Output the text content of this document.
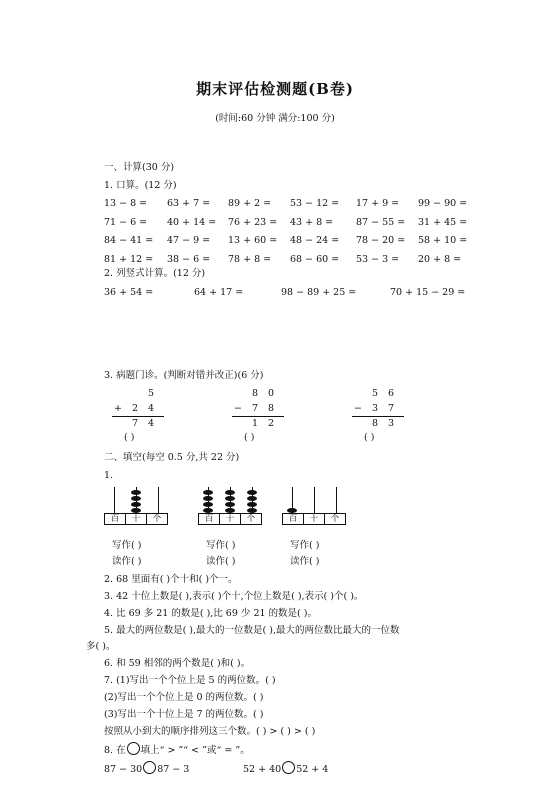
期末评估检测题(B卷)
(时间:60 分钟 满分:100 分)
一、计算(30 分)
1. 口算。(12 分)
13 − 8 = 63 + 7 = 89 + 2 = 53 − 12 = 17 + 9 = 99 − 90 =
71 − 6 = 40 + 14 = 76 + 23 = 43 + 8 = 87 − 55 = 31 + 45 =
84 − 41 = 47 − 9 = 13 + 60 = 48 − 24 = 78 − 20 = 58 + 10 =
81 + 12 = 38 − 6 = 78 + 8 = 68 − 60 = 53 − 3 = 20 + 8 =
2. 列竖式计算。(12 分)
36 + 54 =	64 + 17 =	98 − 89 + 25 =	70 + 15 − 29 =
3. 病题门诊。(判断对错并改正)(6 分)
5
+ 2 4
7 4
( )
8 0
− 7 8
1 2
( )
5 6
− 3 7
8 3
( )
二、填空(每空 0.5 分,共 22 分)
1.
百	十	个
写作( )
读作( )
百	十	个
写作( )
读作( )
百	十	个
写作( )
读作( )
2. 68 里面有( )个十和( )个一。
3. 42 十位上数是( ),表示( )个十,个位上数是( ),表示( )个( )。
4. 比 69 多 21 的数是( ),比 69 少 21 的数是( )。
5. 最大的两位数是( ),最大的一位数是( ),最大的两位数比最大的一位数
多( )。
6. 和 59 相邻的两个数是( )和( )。
7. (1)写出一个个位上是 5 的两位数。( )
(2)写出一个个位上是 0 的两位数。( )
(3)写出一个十位上是 7 的两位数。( )
按照从小到大的顺序排列这三个数。( ) > ( ) > ( )
8. 在 填上“ > ”“ < ”或“ = ”。
87 − 30 87 − 3	52 + 40 52 + 4
